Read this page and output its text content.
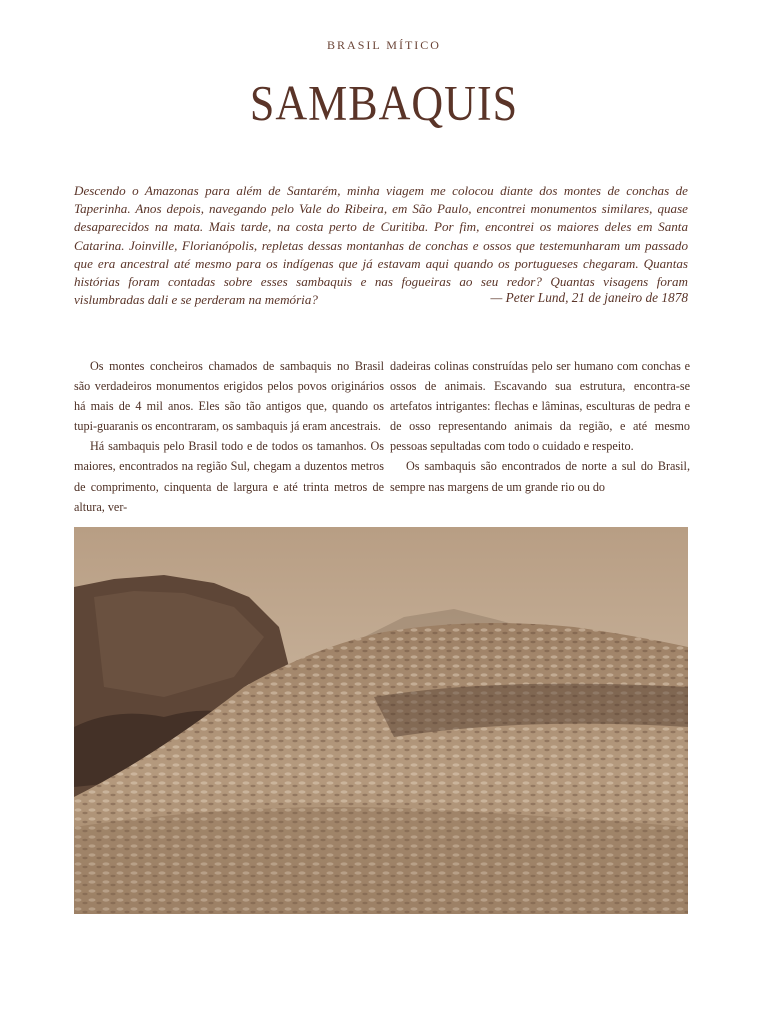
BRASIL MÍTICO
SAMBAQUIS

Descendo o Amazonas para além de Santarém, minha viagem me colocou diante dos montes de conchas de Taperinha. Anos depois, navegando pelo Vale do Ribeira, em São Paulo, encontrei monumentos similares, quase desaparecidos na mata. Mais tarde, na costa perto de Curitiba. Por fim, encontrei os maiores deles em Santa Catarina. Joinville, Florianópolis, repletas dessas montanhas de conchas e ossos que testemunharam um passado que era ancestral até mesmo para os indígenas que já estavam aqui quando os portugueses chegaram. Quantas histórias foram contadas sobre esses sambaquis e nas fogueiras ao seu redor? Quantas visagens foram vislumbradas dali e se perderam na memória?	— Peter Lund, 21 de janeiro de 1878

Os montes concheiros chamados de sambaquis no Brasil são verdadeiros monumentos erigidos pelos povos originários há mais de 4 mil anos. Eles são tão antigos que, quando os tupi-guaranis os encontraram, os sambaquis já eram ancestrais.

Há sambaquis pelo Brasil todo e de todos os tamanhos. Os maiores, encontrados na região Sul, chegam a duzentos metros de comprimento, cinquenta de largura e até trinta metros de altura, ver-

dadeiras colinas construídas pelo ser humano com conchas e ossos de animais. Escavando sua estrutura, encontra-se artefatos intrigantes: flechas e lâminas, esculturas de pedra e de osso representando animais da região, e até mesmo pessoas sepultadas com todo o cuidado e respeito.

Os sambaquis são encontrados de norte a sul do Brasil, sempre nas margens de um grande rio ou do
